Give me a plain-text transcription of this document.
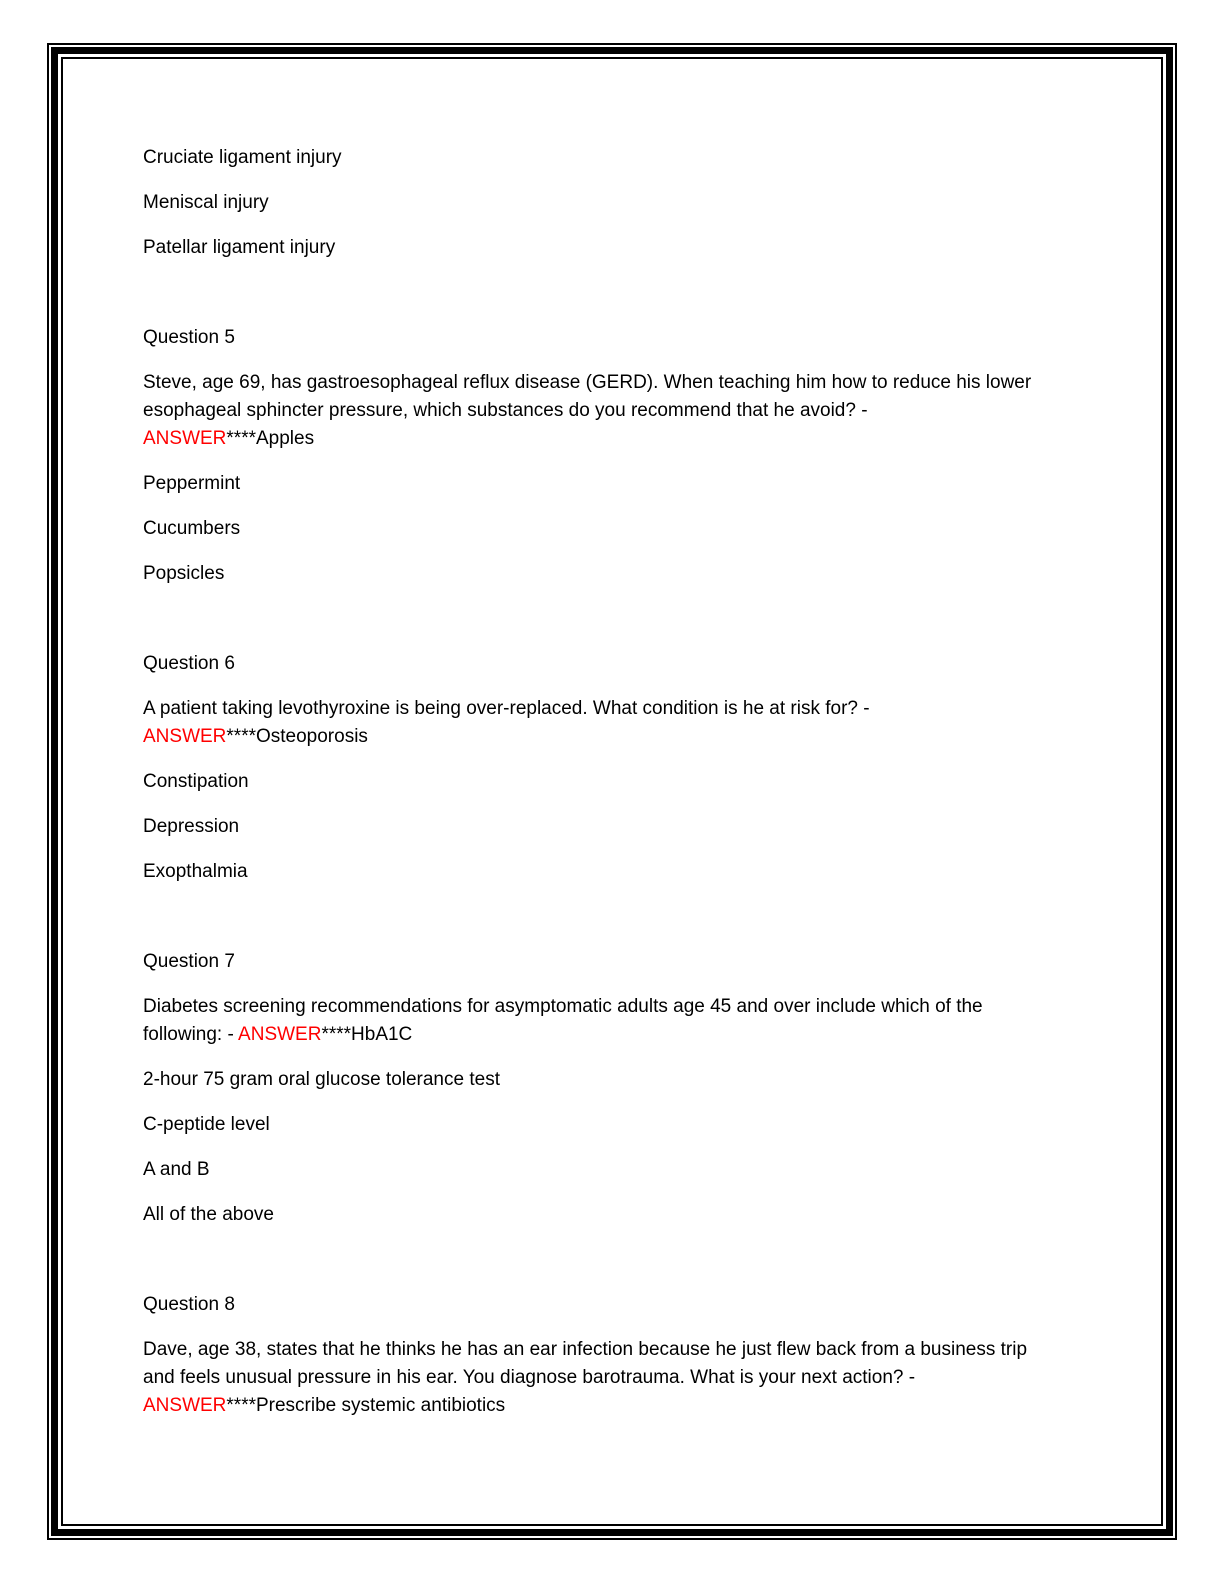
Cruciate ligament injury

Meniscal injury

Patellar ligament injury

Question 5

Steve, age 69, has gastroesophageal reflux disease (GERD). When teaching him how to reduce his lower
esophageal sphincter pressure, which substances do you recommend that he avoid? -
ANSWER****Apples

Peppermint

Cucumbers

Popsicles

Question 6

A patient taking levothyroxine is being over-replaced. What condition is he at risk for? -
ANSWER****Osteoporosis

Constipation

Depression

Exopthalmia

Question 7

Diabetes screening recommendations for asymptomatic adults age 45 and over include which of the
following: - ANSWER****HbA1C

2-hour 75 gram oral glucose tolerance test

C-peptide level

A and B

All of the above

Question 8

Dave, age 38, states that he thinks he has an ear infection because he just flew back from a business trip
and feels unusual pressure in his ear. You diagnose barotrauma. What is your next action? -
ANSWER****Prescribe systemic antibiotics
